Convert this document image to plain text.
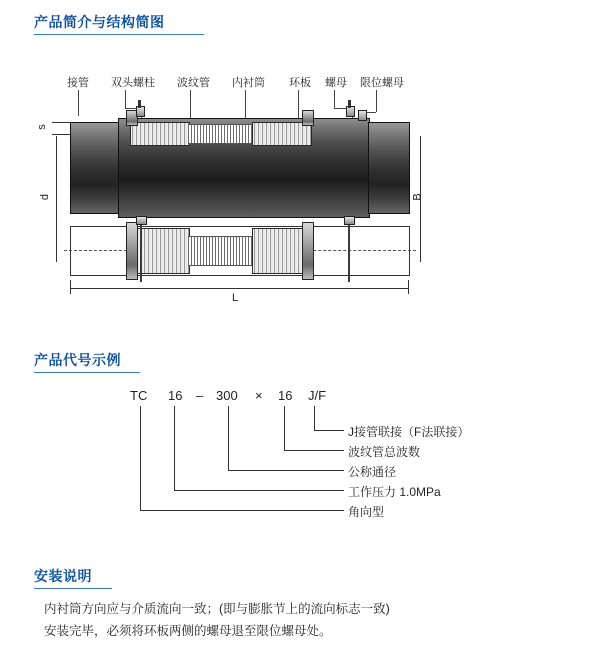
产品简介与结构简图
接管 双头螺柱 波纹管 内衬筒 环板 螺母 限位螺母
s
d	B
L
产品代号示例
TC 16 – 300 × 16 J/F
J接管联接（F法联接）
波纹管总波数
公称通径
工作压力 1.0MPa
角向型
安装说明
内衬筒方向应与介质流向一致；(即与膨胀节上的流向标志一致)
安装完毕，必须将环板两侧的螺母退至限位螺母处。
